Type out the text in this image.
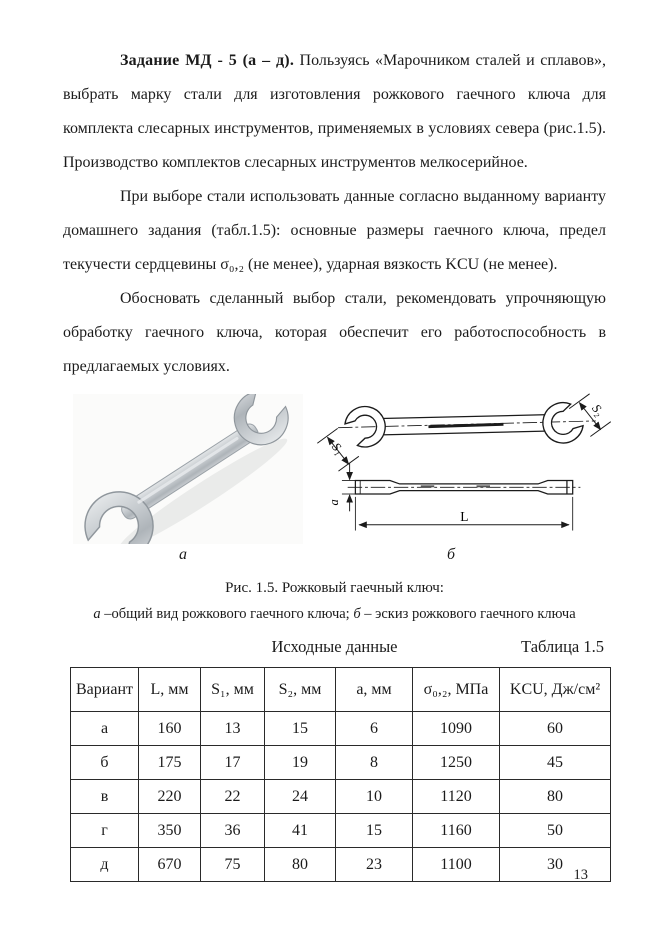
Задание МД - 5 (а – д). Пользуясь «Марочником сталей и сплавов», выбрать марку стали для изготовления рожкового гаечного ключа для комплекта слесарных инструментов, применяемых в условиях севера (рис.1.5). Производство комплектов слесарных инструментов мелкосерийное.

При выборе стали использовать данные согласно выданному варианту домашнего задания (табл.1.5): основные размеры гаечного ключа, предел текучести сердцевины σ₀,₂ (не менее), ударная вязкость KCU (не менее).

Обосновать сделанный выбор стали, рекомендовать упрочняющую обработку гаечного ключа, которая обеспечит его работоспособность в предлагаемых условиях.

S₁
S₂
а
L
а	б
Рис. 1.5. Рожковый гаечный ключ:
а –общий вид рожкового гаечного ключа; б – эскиз рожкового гаечного ключа
Исходные данные	Таблица 1.5
Вариант	L, мм	S₁, мм	S₂, мм	а, мм	σ₀,₂, МПа	KCU, Дж/см²
а	160	13	15	6	1090	60
б	175	17	19	8	1250	45
в	220	22	24	10	1120	80
г	350	36	41	15	1160	50
д	670	75	80	23	1100	30
13
